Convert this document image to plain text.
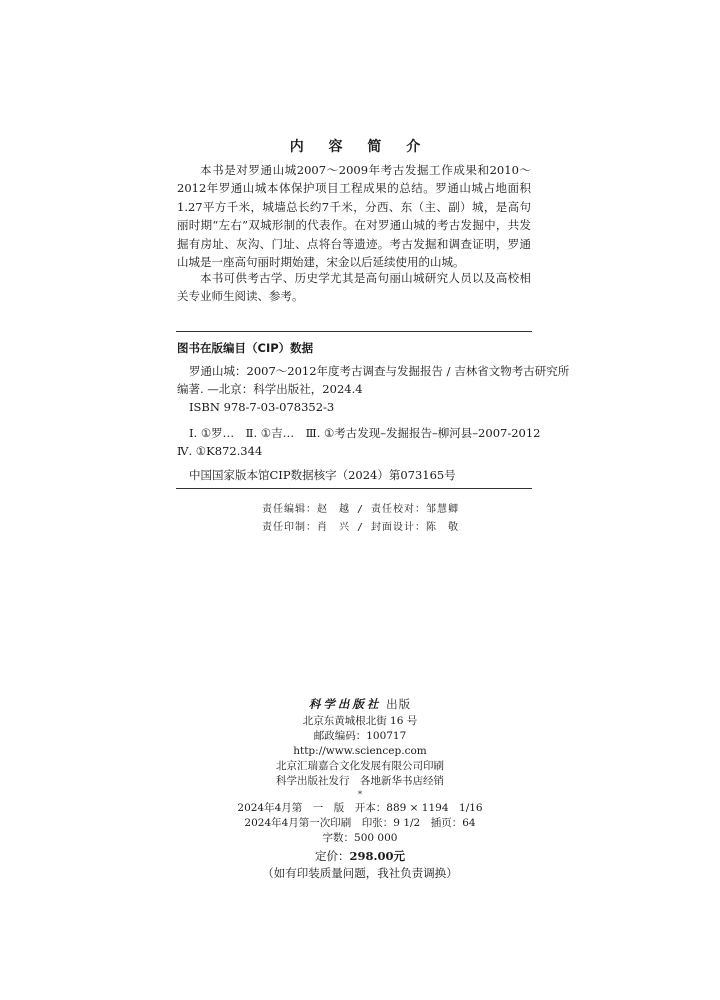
内 容 简 介

本书是对罗通山城2007～2009年考古发掘工作成果和2010～2012年罗通山城本体保护项目工程成果的总结。罗通山城占地面积1.27平方千米，城墙总长约7千米，分西、东（主、副）城，是高句丽时期“左右”双城形制的代表作。在对罗通山城的考古发掘中，共发掘有房址、灰沟、门址、点将台等遗迹。考古发掘和调查证明，罗通山城是一座高句丽时期始建，宋金以后延续使用的山城。

本书可供考古学、历史学尤其是高句丽山城研究人员以及高校相关专业师生阅读、参考。

图书在版编目（CIP）数据
罗通山城：2007～2012年度考古调查与发掘报告 / 吉林省文物考古研究所
编著. —北京：科学出版社，2024.4
ISBN 978-7-03-078352-3
Ⅰ. ①罗…　Ⅱ. ①吉…　Ⅲ. ①考古发现–发掘报告–柳河县–2007-2012
Ⅳ. ①K872.344
中国国家版本馆CIP数据核字（2024）第073165号
责任编辑：赵　越 / 责任校对：邹慧卿
责任印制：肖　兴 / 封面设计：陈　敬
科学出版社 出版
北京东黄城根北街 16 号
邮政编码：100717
http://www.sciencep.com
北京汇瑞嘉合文化发展有限公司印刷
科学出版社发行　各地新华书店经销
*
2024年4月第　一　版　开本：889 × 1194　1/16
2024年4月第一次印刷　印张：9 1/2　插页：64
字数：500 000
定价：298.00元
（如有印装质量问题，我社负责调换）
